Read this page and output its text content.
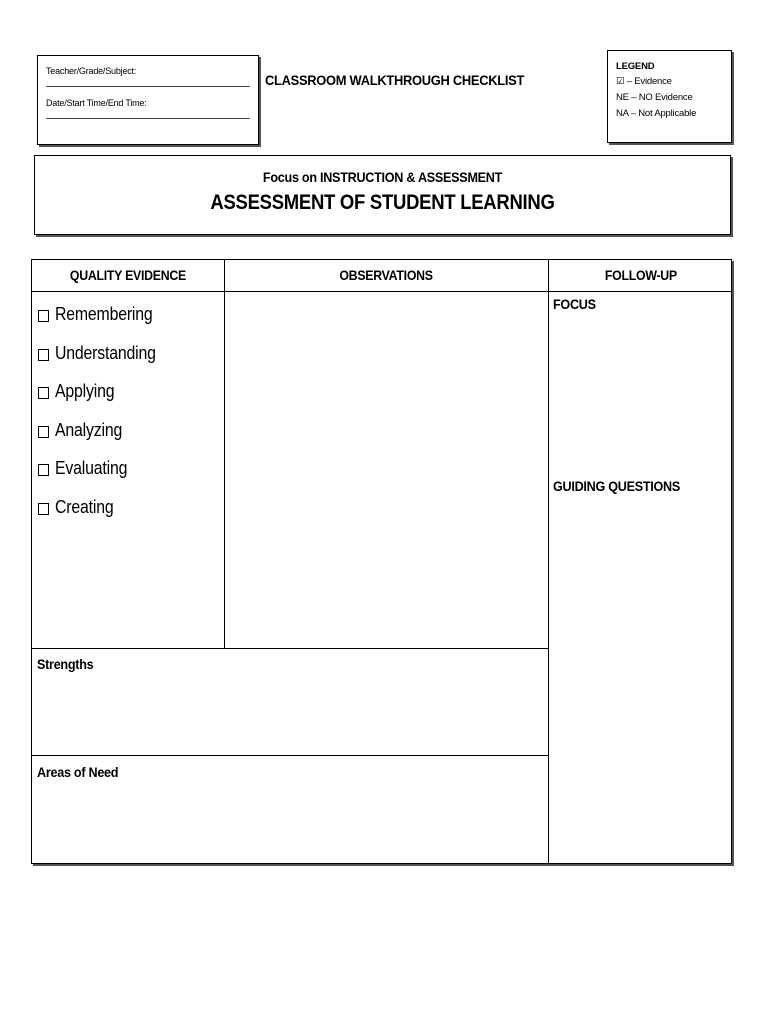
Teacher/Grade/Subject:
Date/Start Time/End Time:
CLASSROOM WALKTHROUGH CHECKLIST
LEGEND
☑ – Evidence
NE – NO Evidence
NA – Not Applicable
Focus on INSTRUCTION & ASSESSMENT
ASSESSMENT OF STUDENT LEARNING
QUALITY EVIDENCE	OBSERVATIONS	FOLLOW-UP
Remembering
Understanding
Applying
Analyzing
Evaluating
Creating
FOCUS
GUIDING QUESTIONS
Strengths
Areas of Need
